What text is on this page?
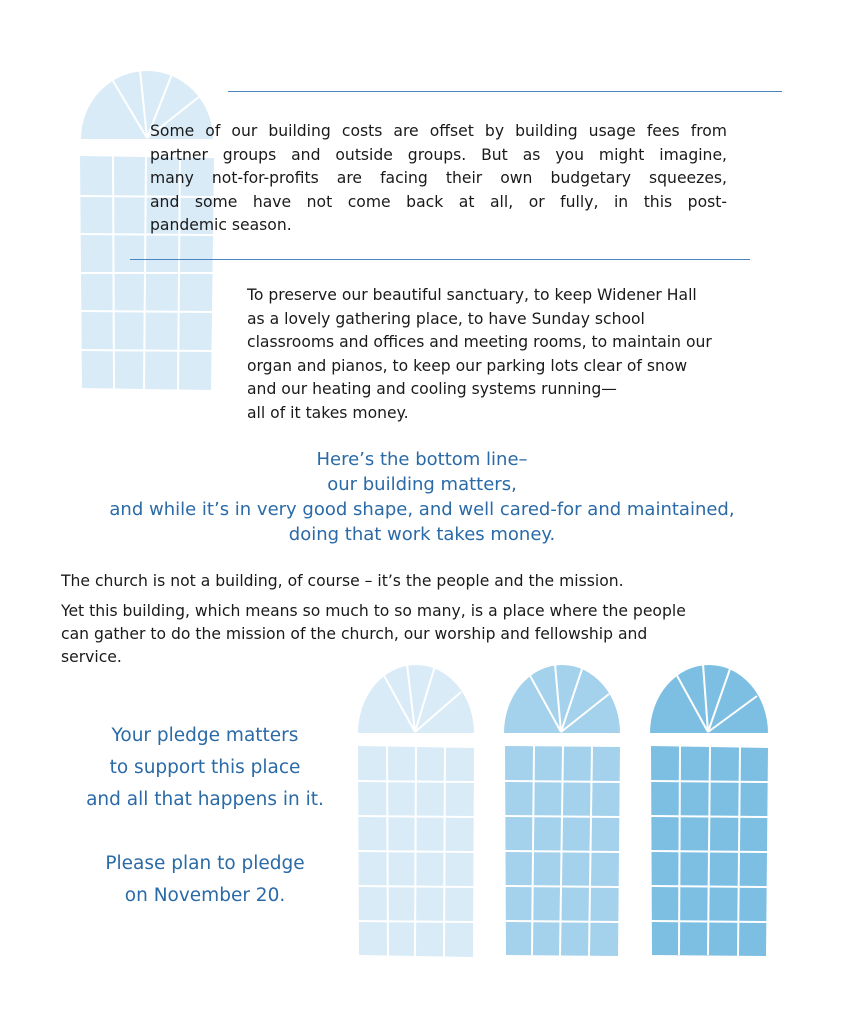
Some of our building costs are offset by building usage fees from
partner groups and outside groups. But as you might imagine,
many not-for-profits are facing their own budgetary squeezes,
and some have not come back at all, or fully, in this post-
pandemic season.
To preserve our beautiful sanctuary, to keep Widener Hall
as a lovely gathering place, to have Sunday school
classrooms and offices and meeting rooms, to maintain our
organ and pianos, to keep our parking lots clear of snow
and our heating and cooling systems running—
all of it takes money.
Here’s the bottom line–
our building matters,
and while it’s in very good shape, and well cared-for and maintained,
doing that work takes money.
The church is not a building, of course – it’s the people and the mission.
Yet this building, which means so much to so many, is a place where the people
can gather to do the mission of the church, our worship and fellowship and
service.
Your pledge matters
to support this place
and all that happens in it.
Please plan to pledge
on November 20.
